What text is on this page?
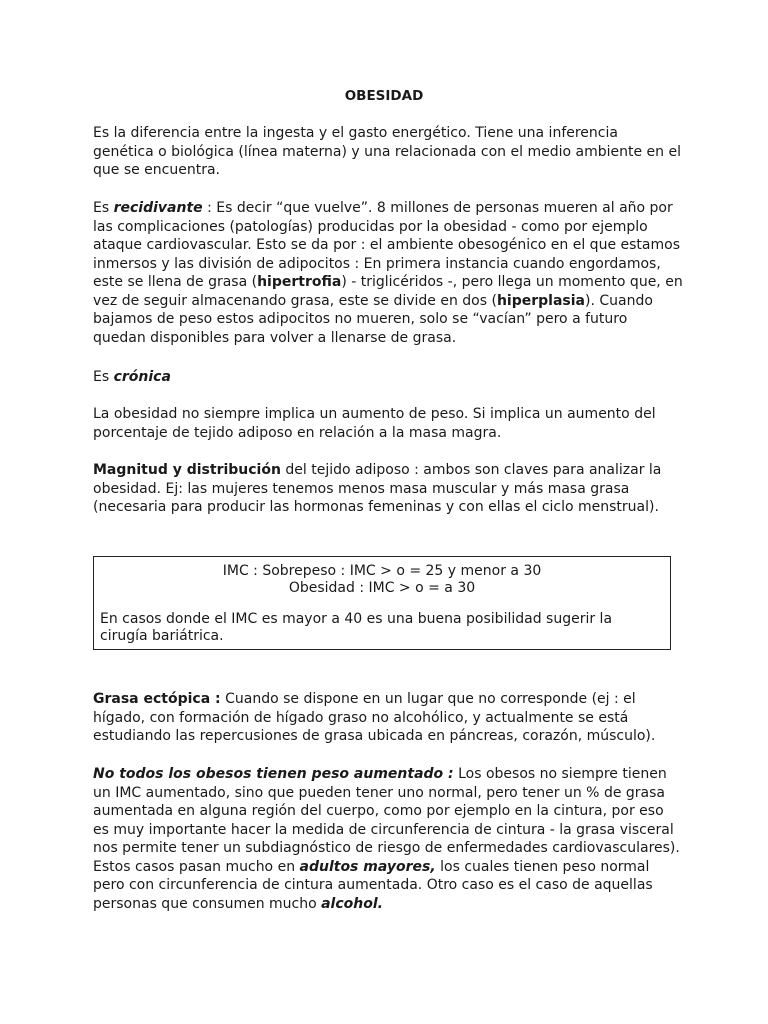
OBESIDAD

Es la diferencia entre la ingesta y el gasto energético. Tiene una inferencia genética o biológica (línea materna) y una relacionada con el medio ambiente en el que se encuentra.

Es recidivante : Es decir “que vuelve”. 8 millones de personas mueren al año por las complicaciones (patologías) producidas por la obesidad - como por ejemplo ataque cardiovascular. Esto se da por : el ambiente obesogénico en el que estamos inmersos y las división de adipocitos : En primera instancia cuando engordamos, este se llena de grasa (hipertrofia) - triglicéridos -, pero llega un momento que, en vez de seguir almacenando grasa, este se divide en dos (hiperplasia). Cuando bajamos de peso estos adipocitos no mueren, solo se “vacían” pero a futuro quedan disponibles para volver a llenarse de grasa.

Es crónica

La obesidad no siempre implica un aumento de peso. Si implica un aumento del porcentaje de tejido adiposo en relación a la masa magra.

Magnitud y distribución del tejido adiposo : ambos son claves para analizar la obesidad. Ej: las mujeres tenemos menos masa muscular y más masa grasa (necesaria para producir las hormonas femeninas y con ellas el ciclo menstrual).

IMC : Sobrepeso : IMC > o = 25 y menor a 30
Obesidad : IMC > o = a 30
En casos donde el IMC es mayor a 40 es una buena posibilidad sugerir la cirugía bariátrica.

Grasa ectópica : Cuando se dispone en un lugar que no corresponde (ej : el hígado, con formación de hígado graso no alcohólico, y actualmente se está estudiando las repercusiones de grasa ubicada en páncreas, corazón, músculo).

No todos los obesos tienen peso aumentado : Los obesos no siempre tienen un IMC aumentado, sino que pueden tener uno normal, pero tener un % de grasa aumentada en alguna región del cuerpo, como por ejemplo en la cintura, por eso es muy importante hacer la medida de circunferencia de cintura - la grasa visceral nos permite tener un subdiagnóstico de riesgo de enfermedades cardiovasculares). Estos casos pasan mucho en adultos mayores, los cuales tienen peso normal pero con circunferencia de cintura aumentada. Otro caso es el caso de aquellas personas que consumen mucho alcohol.
